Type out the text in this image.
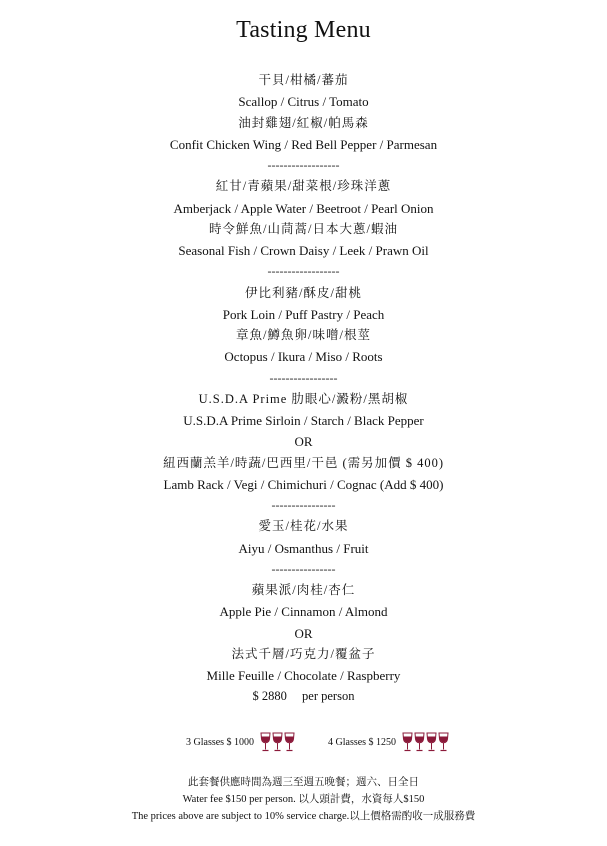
Tasting Menu
干貝/柑橘/蕃茄
Scallop / Citrus / Tomato
油封雞翅/紅椒/帕馬森
Confit Chicken Wing / Red Bell Pepper / Parmesan
------------------
紅甘/青蘋果/甜菜根/珍珠洋蔥
Amberjack / Apple Water / Beetroot / Pearl Onion
時令鮮魚/山茼蒿/日本大蔥/蝦油
Seasonal Fish / Crown Daisy / Leek / Prawn Oil
------------------
伊比利豬/酥皮/甜桃
Pork Loin / Puff Pastry / Peach
章魚/鱒魚卵/味噌/根莖
Octopus / Ikura / Miso / Roots
-----------------
U.S.D.A Prime 肋眼心/澱粉/黑胡椒
U.S.D.A Prime Sirloin / Starch / Black Pepper
OR
紐西蘭羔羊/時蔬/巴西里/干邑 (需另加價 $ 400)
Lamb Rack / Vegi / Chimichuri / Cognac (Add $ 400)
----------------
愛玉/桂花/水果
Aiyu / Osmanthus / Fruit
----------------
蘋果派/肉桂/杏仁
Apple Pie / Cinnamon / Almond
OR
法式千層/巧克力/覆盆子
Mille Feuille / Chocolate / Raspberry
$ 2880 per person
3 Glasses $ 1000	4 Glasses $ 1250
此套餐供應時間為週三至週五晚餐；週六、日全日
Water fee $150 per person. 以人頭計費，水資每人$150
The prices above are subject to 10% service charge.以上價格需酌收一成服務費
